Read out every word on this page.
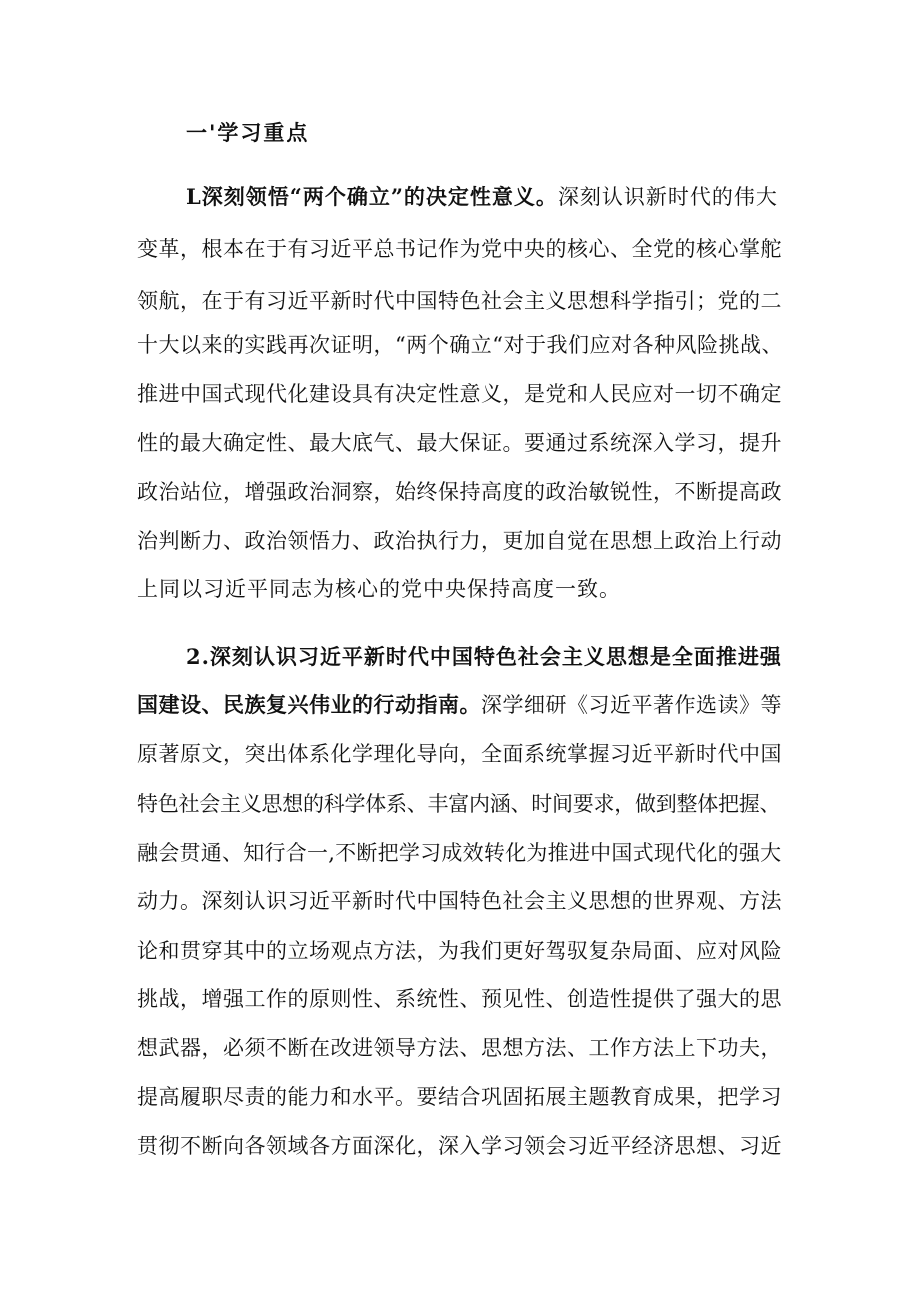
一'学习重点

L深刻领悟“两个确立”的决定性意义。深刻认识新时代的伟大

变革，根本在于有习近平总书记作为党中央的核心、全党的核心掌舵

领航，在于有习近平新时代中国特色社会主义思想科学指引；党的二

十大以来的实践再次证明，“两个确立“对于我们应对各种风险挑战、

推进中国式现代化建设具有决定性意义，是党和人民应对一切不确定

性的最大确定性、最大底气、最大保证。要通过系统深入学习，提升

政治站位，增强政治洞察，始终保持高度的政治敏锐性，不断提高政

治判断力、政治领悟力、政治执行力，更加自觉在思想上政治上行动

上同以习近平同志为核心的党中央保持高度一致。

2.深刻认识习近平新时代中国特色社会主义思想是全面推进强

国建设、民族复兴伟业的行动指南。深学细研《习近平著作选读》等

原著原文，突出体系化学理化导向，全面系统掌握习近平新时代中国

特色社会主义思想的科学体系、丰富内涵、时间要求，做到整体把握、

融会贯通、知行合一,不断把学习成效转化为推进中国式现代化的强大

动力。深刻认识习近平新时代中国特色社会主义思想的世界观、方法

论和贯穿其中的立场观点方法，为我们更好驾驭复杂局面、应对风险

挑战，增强工作的原则性、系统性、预见性、创造性提供了强大的思

想武器，必须不断在改进领导方法、思想方法、工作方法上下功夫，

提高履职尽责的能力和水平。要结合巩固拓展主题教育成果，把学习

贯彻不断向各领域各方面深化，深入学习领会习近平经济思想、习近
